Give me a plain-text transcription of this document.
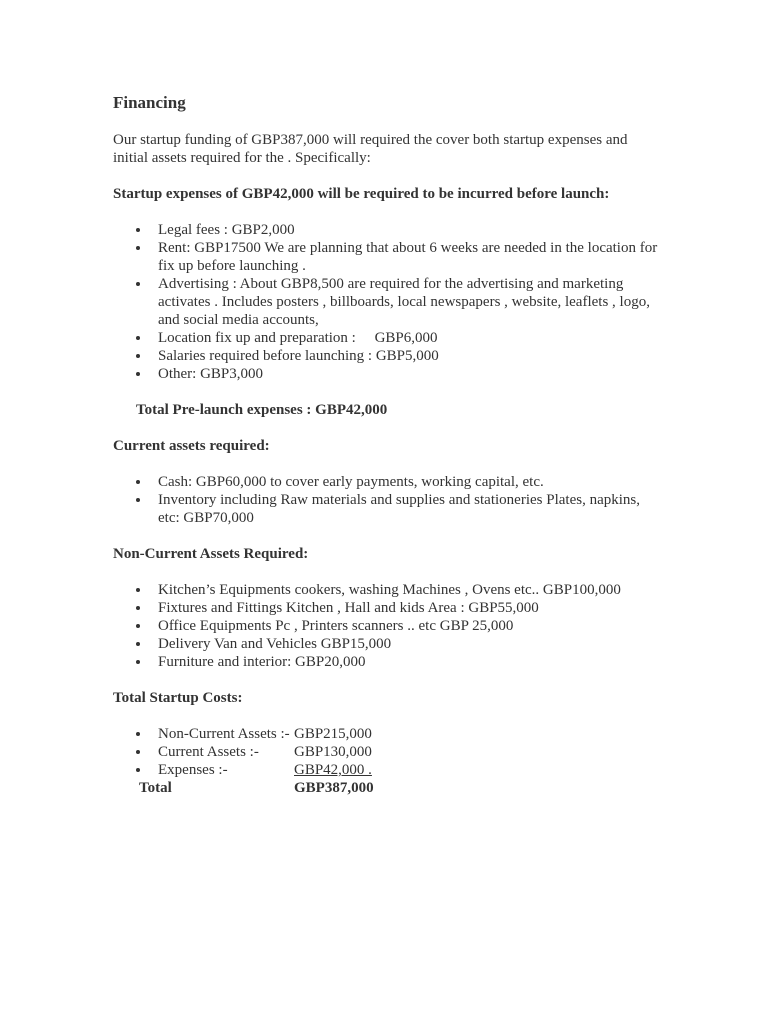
Financing

Our startup funding of GBP387,000 will required the cover both startup expenses and initial assets required for the . Specifically:

Startup expenses of GBP42,000 will be required to be incurred before launch:

Legal fees : GBP2,000
Rent: GBP17500 We are planning that about 6 weeks are needed in the location for fix up before launching .
Advertising : About GBP8,500 are required for the advertising and marketing activates . Includes posters , billboards, local newspapers , website, leaflets , logo, and social media accounts,
Location fix up and preparation :     GBP6,000
Salaries required before launching : GBP5,000
Other: GBP3,000

Total Pre-launch expenses : GBP42,000

Current assets required:

Cash: GBP60,000 to cover early payments, working capital, etc.
Inventory including Raw materials and supplies and stationeries Plates, napkins, etc: GBP70,000

Non-Current Assets Required:

Kitchen’s Equipments cookers, washing Machines , Ovens etc.. GBP100,000
Fixtures and Fittings Kitchen , Hall and kids Area : GBP55,000
Office Equipments Pc , Printers scanners .. etc GBP 25,000
Delivery Van and Vehicles GBP15,000
Furniture and interior: GBP20,000

Total Startup Costs:

Non-Current Assets :- GBP215,000
Current Assets :-	GBP130,000
Expenses :-	GBP42,000 .
Total	GBP387,000
